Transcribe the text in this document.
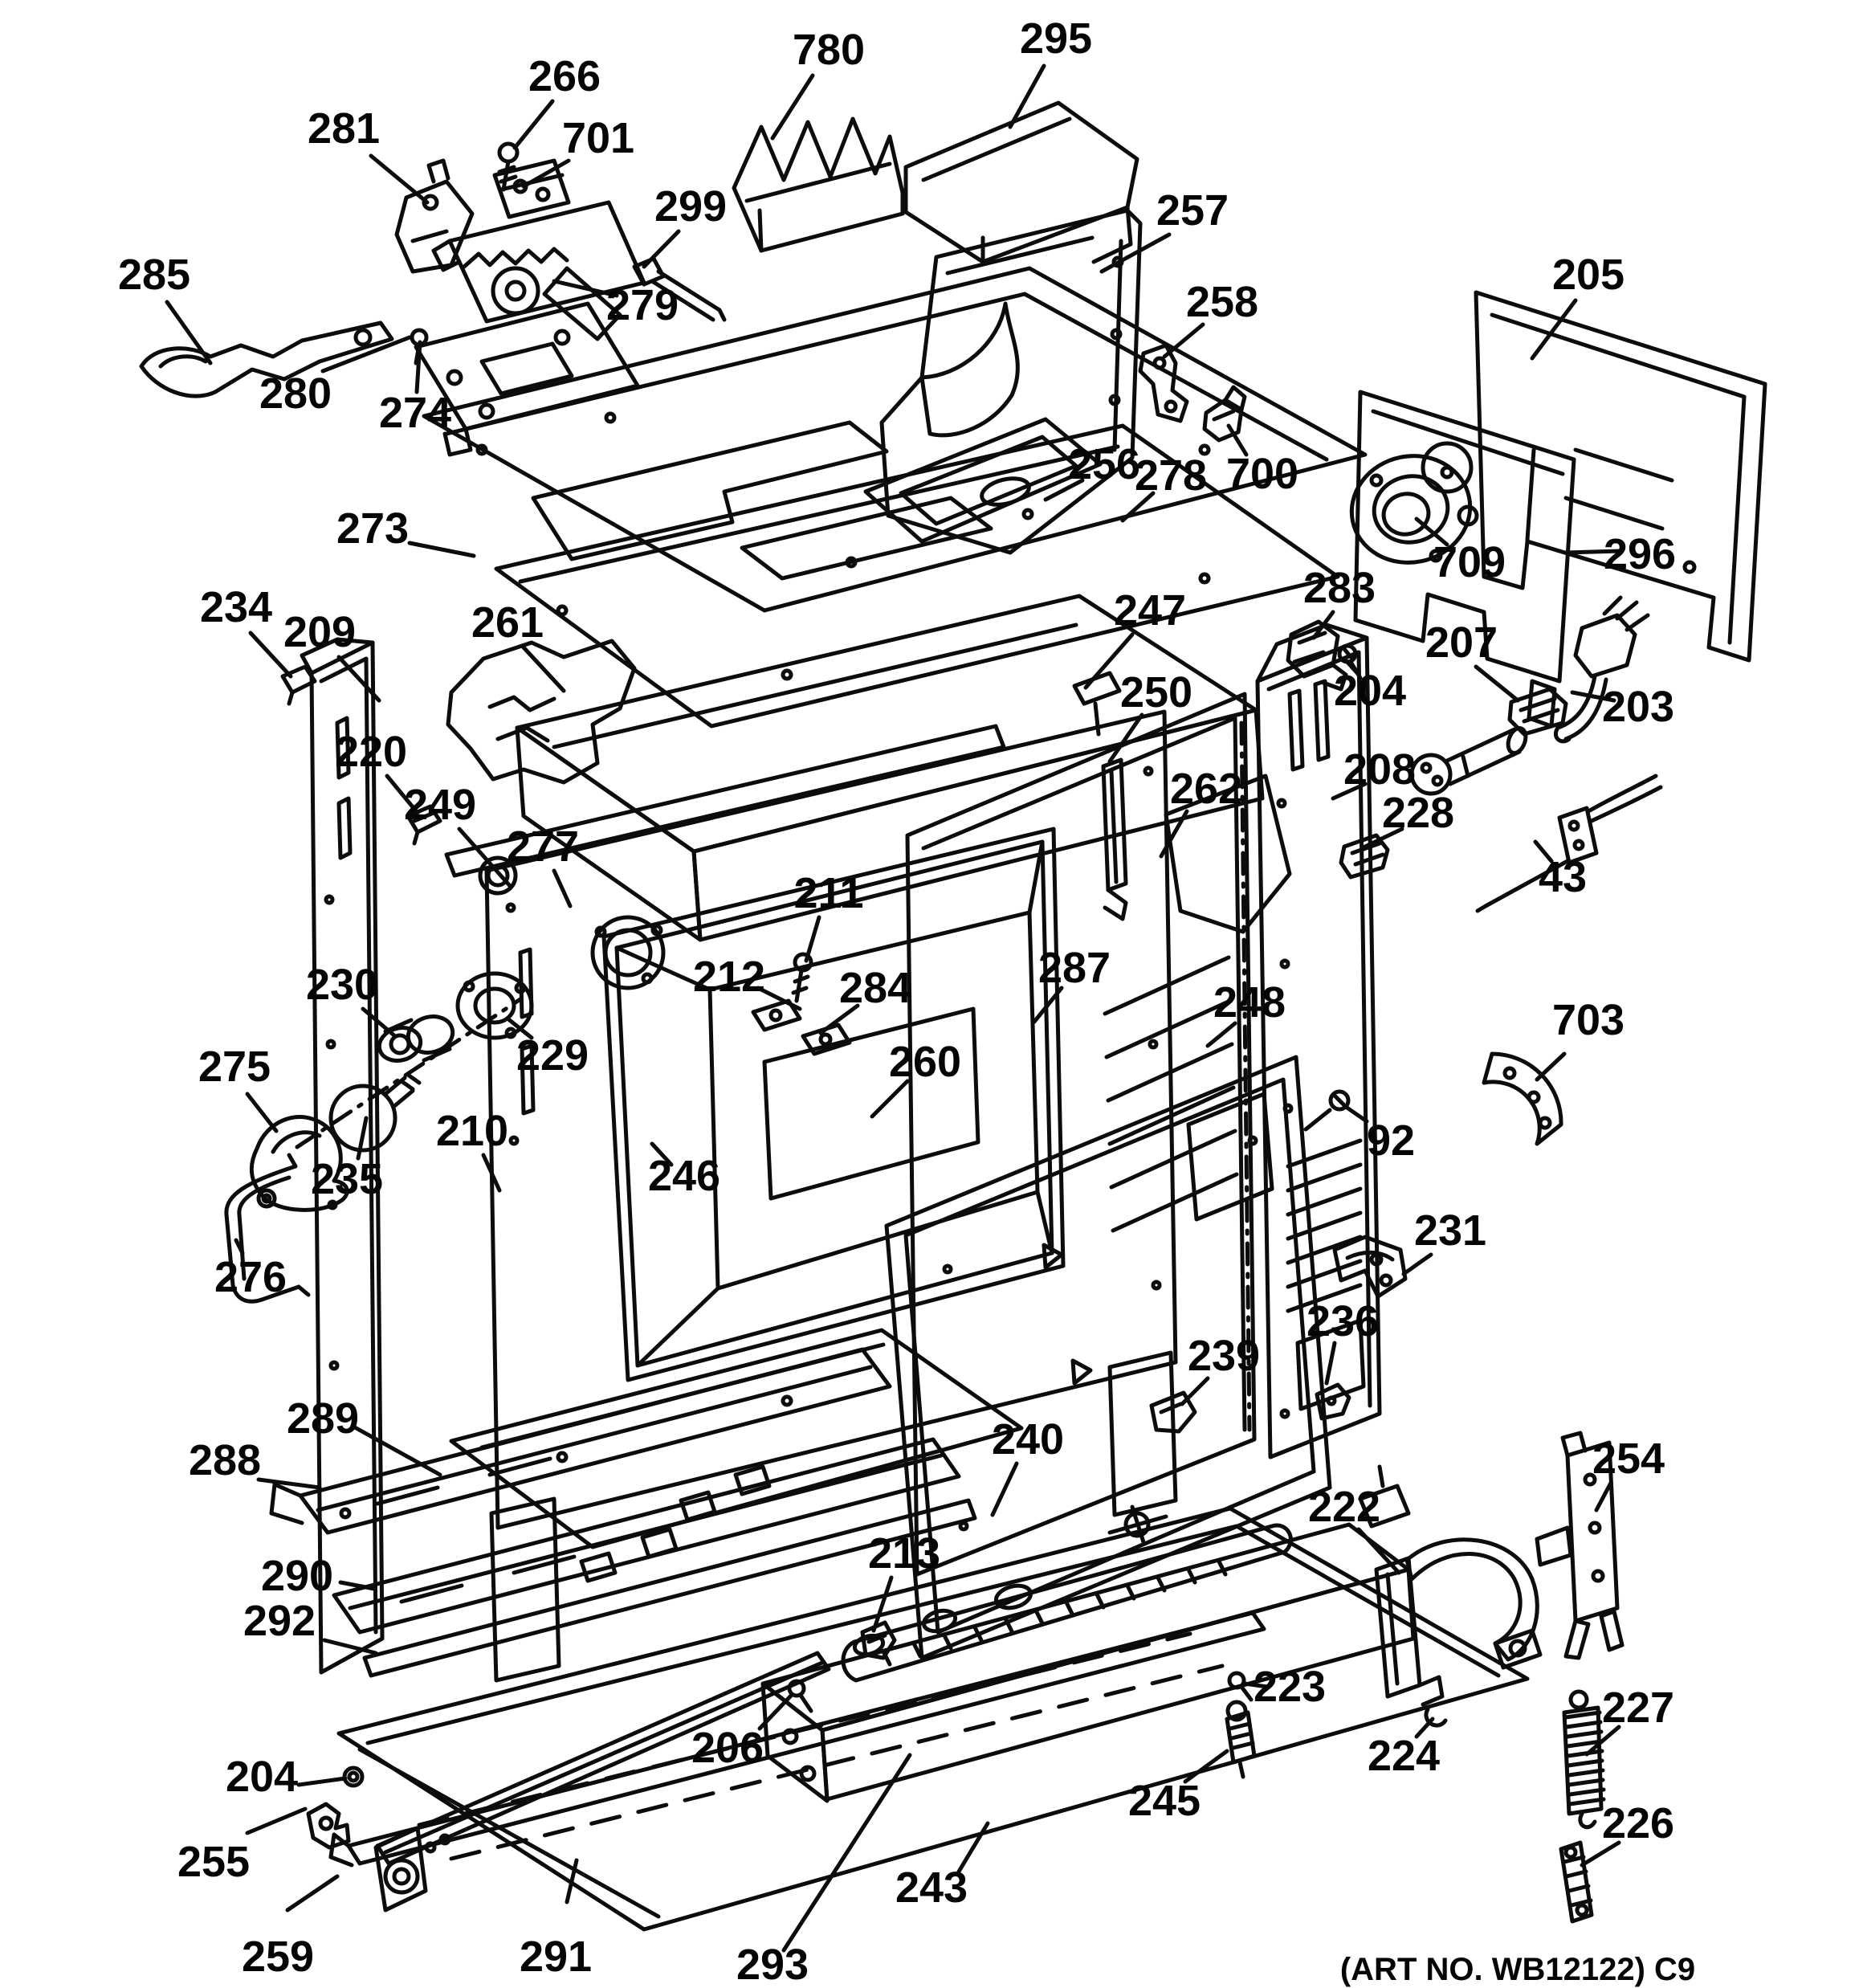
266
281	701
780	295
299	257
285
279	258
205
280 274
273
234
209	261
256
278 700
709 296
283
204
207
203
208
228
43
220
249
277
247
250
262
211
212 284	287
248
230
229
275
210
235	246
276
260
92
231
703
236
239
289
288	240	254
222
290
292
213
223	227
224
206
245
204
255
226
243
259	291	293	(ART NO. WB12122) C9
